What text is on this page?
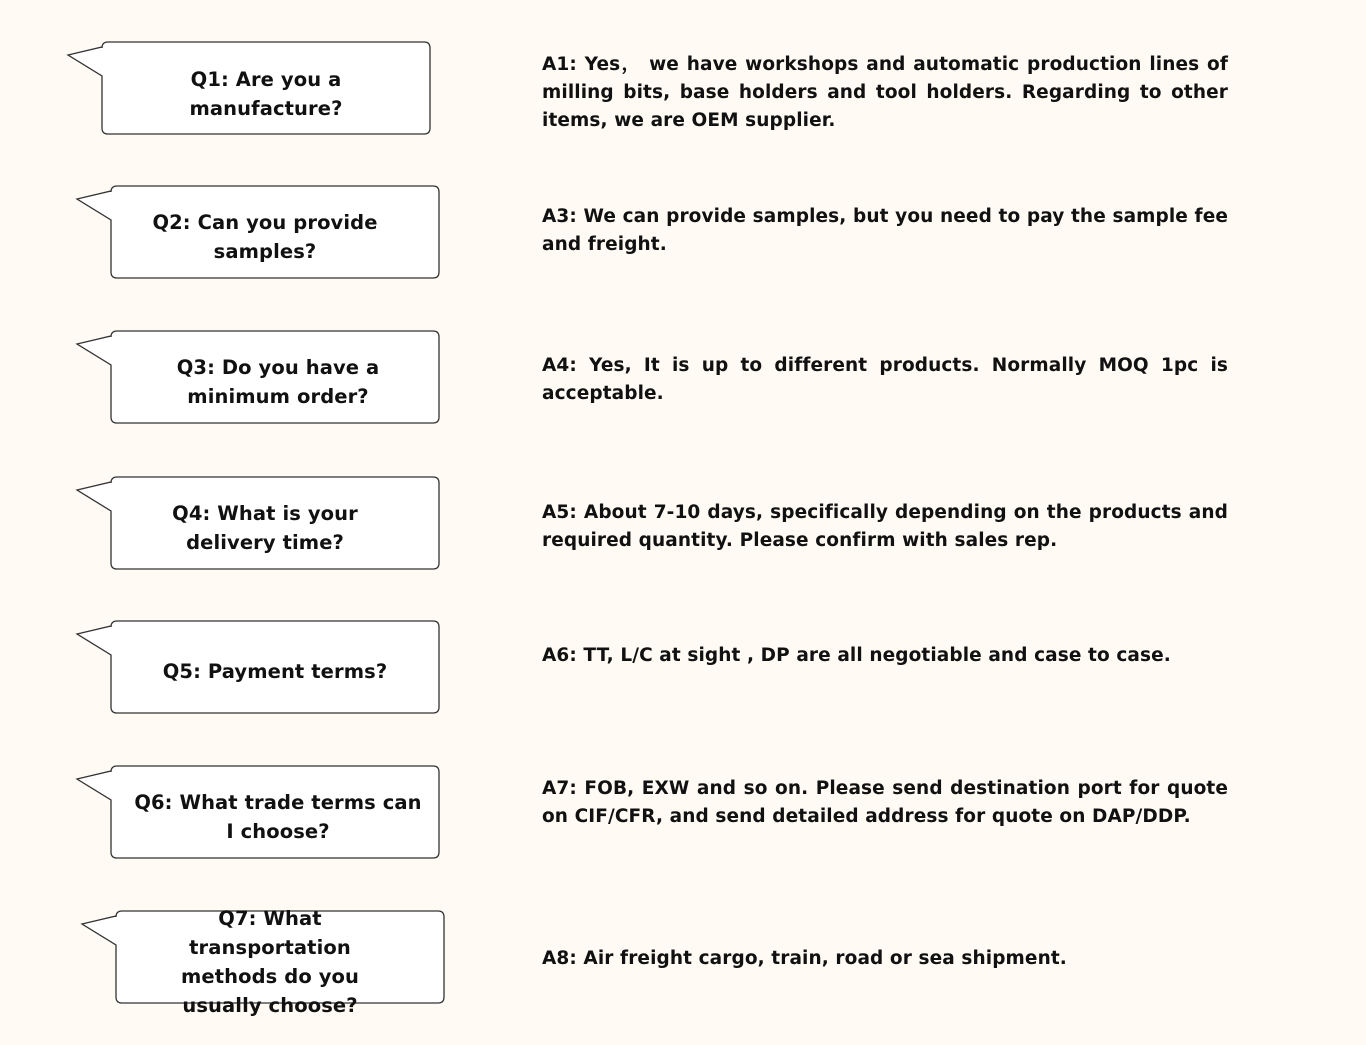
Q1: Are you a manufacture?
A1: Yes， we have workshops and automatic production lines of milling bits, base holders and tool holders. Regarding to other items, we are OEM supplier.
Q2: Can you provide samples?
A3: We can provide samples, but you need to pay the sample fee and freight.
Q3: Do you have a minimum order?
A4: Yes, It is up to different products. Normally MOQ 1pc is acceptable.
Q4: What is your delivery time?
A5: About 7-10 days, specifically depending on the products and required quantity. Please confirm with sales rep.
Q5: Payment terms?
A6: TT, L/C at sight , DP are all negotiable and case to case.
Q6: What trade terms can I choose?
A7: FOB, EXW and so on. Please send destination port for quote on CIF/CFR, and send detailed address for quote on DAP/DDP.
Q7: What transportation methods do you usually choose?
A8: Air freight cargo, train, road or sea shipment.
